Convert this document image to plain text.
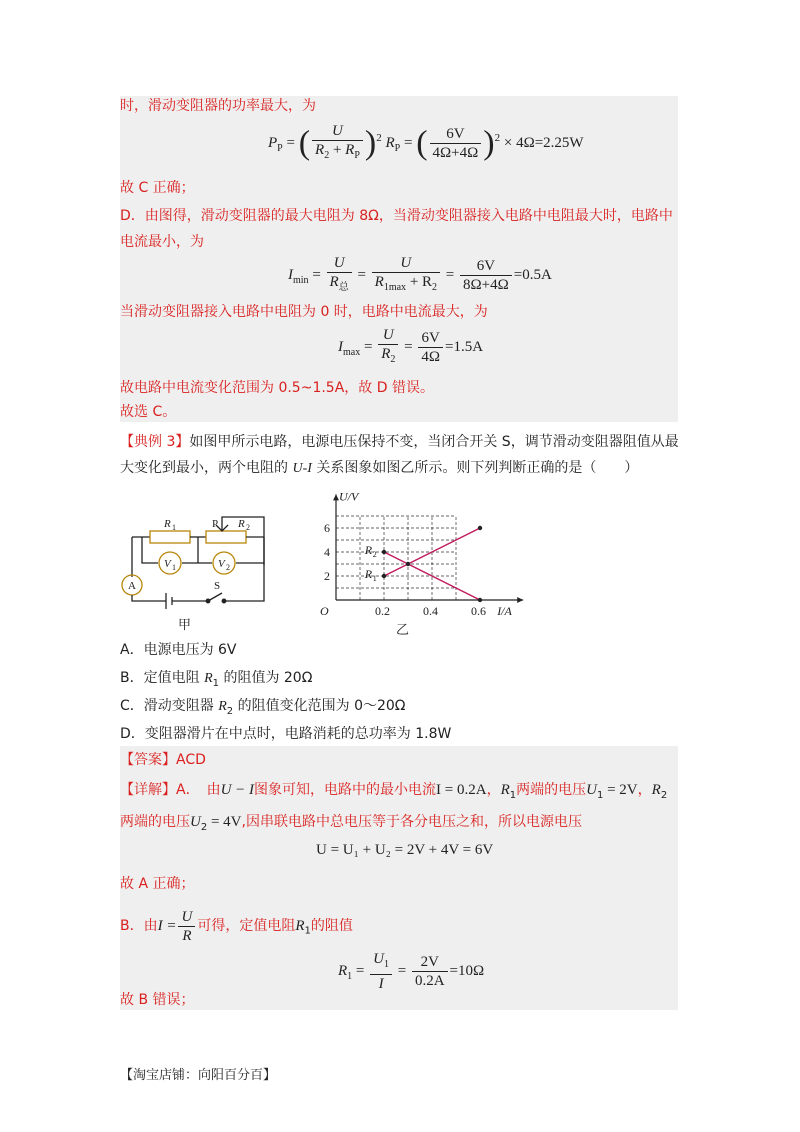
时，滑动变阻器的功率最大，为
$P_P$ = ( $\frac{U}{R_2 + R_P} )^2$ $R_P$ = ( $\frac{6V}{4\Omega+4\Omega} )^2 \times 4\Omega=2.25W$
故 C 正确；
D．由图得，滑动变阻器的最大电阻为 8Ω，当滑动变阻器接入电路中电阻最大时，电路中
电流最小，为
$I_{min} = \frac{U}{R_总} = \frac{U}{R_{1max} + R_2} = \frac{6V}{8\Omega+4\Omega} =0.5A$
当滑动变阻器接入电路中电阻为 0 时，电路中电流最大，为
$I_{max} = \frac{U}{R_2} = \frac{6V}{4\Omega} =1.5A$
故电路中电流变化范围为 0.5~1.5A，故 D 错误。
故选 C。
【典例 3】如图甲所示电路，电源电压保持不变，当闭合开关 S，调节滑动变阻器阻值从最
大变化到最小，两个电阻的 U-I 关系图象如图乙所示。则下列判断正确的是（　　）
R 1	P R 2
V 1	V 2
A	S
甲
2
4
6
0.2	0.4	0.6
O
U/V
I/A
R 2
R 1
乙
A．电源电压为 6V
B．定值电阻 $R_1$ 的阻值为 20Ω
C．滑动变阻器 $R_2$ 的阻值变化范围为 0～20Ω
D．变阻器滑片在中点时，电路消耗的总功率为 1.8W
【答案】ACD
【详解】A．　由U − I图象可知，电路中的最小电流I = 0.2A，$R_1$两端的电压$U_1 = 2V$，$R_2$
两端的电压$U_2 = 4V$,因串联电路中总电压等于各分电压之和，所以电源电压
U = U₁ + U₂ = 2V + 4V = 6V
故 A 正确；
B．由$I = \frac{U}{R}$ 可得，定值电阻$R_1$的阻值
$R_1 = \frac{U_1}{I} = \frac{2V}{0.2A} =10\Omega$
故 B 错误；
【淘宝店铺：向阳百分百】
